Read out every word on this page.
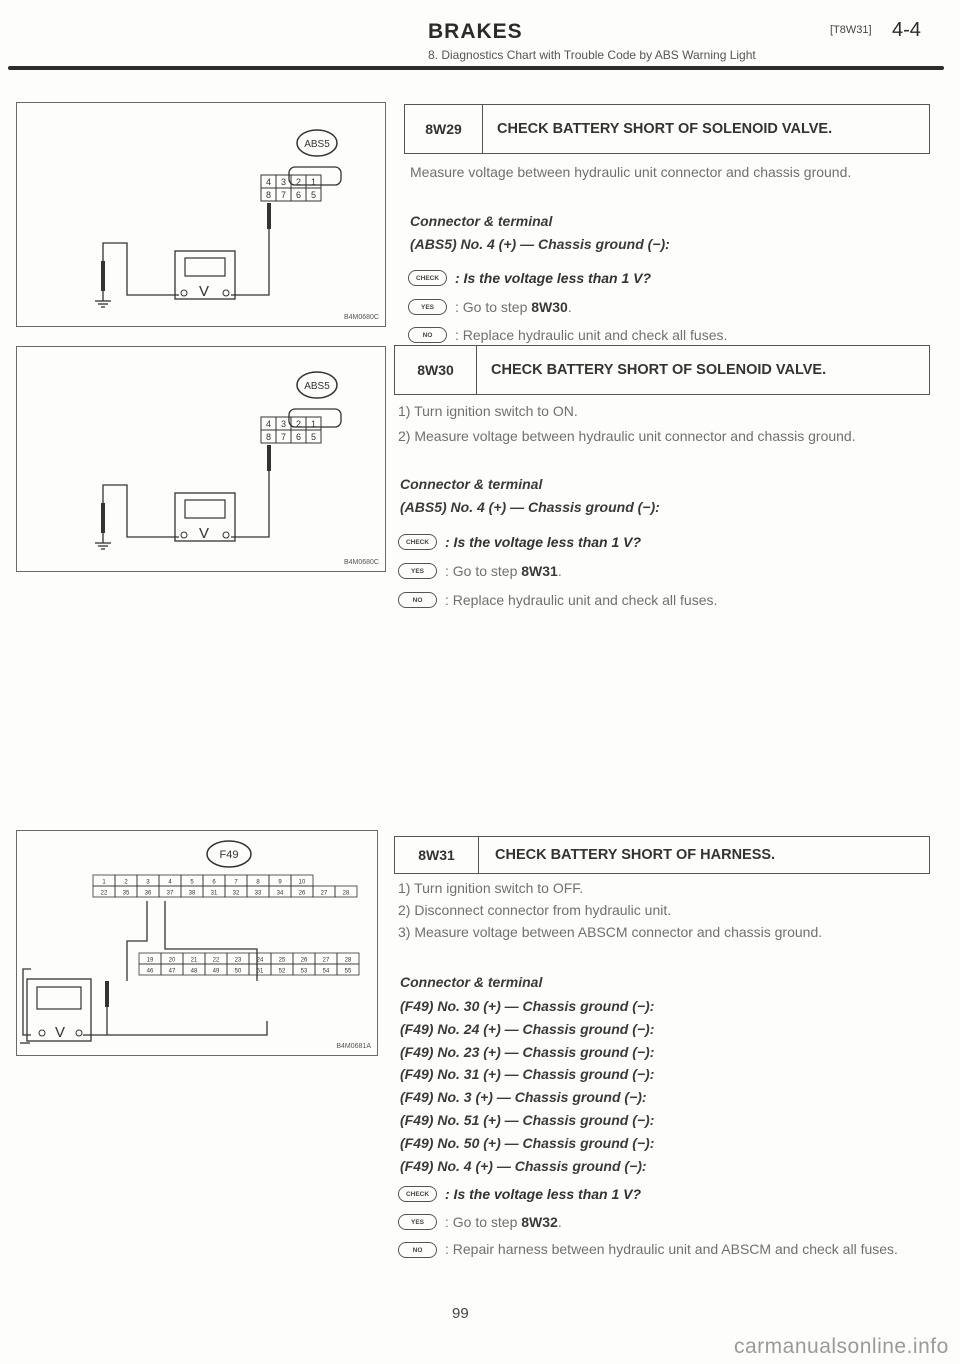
BRAKES	[T8W31] 4-4
8. Diagnostics Chart with Trouble Code by ABS Warning Light
ABS5
4 3 2 1
8 7 6 5
V
B4M0680C
ABS5
4 3 2 1
8 7 6 5
V
B4M0680C
F49
1	2	3	4	5	6	7	8	9	10
22	35	36	37	38	31	32	33	34	26	27	28
19	20	21	22	23	24	25	26	27	28
46	47	48	49	50	51	52	53	54	55
V
B4M0681A
8W29	CHECK BATTERY SHORT OF SOLENOID VALVE.
Measure voltage between hydraulic unit connector and chassis ground.
Connector & terminal
(ABS5) No. 4 (+) — Chassis ground (−):
CHECK	: Is the voltage less than 1 V?
YES	: Go to step 8W30.
NO	: Replace hydraulic unit and check all fuses.
8W30	CHECK BATTERY SHORT OF SOLENOID VALVE.
1) Turn ignition switch to ON.
2) Measure voltage between hydraulic unit connector and chassis ground.
Connector & terminal
(ABS5) No. 4 (+) — Chassis ground (−):
CHECK	: Is the voltage less than 1 V?
YES	: Go to step 8W31.
NO	: Replace hydraulic unit and check all fuses.
8W31	CHECK BATTERY SHORT OF HARNESS.
1) Turn ignition switch to OFF.
2) Disconnect connector from hydraulic unit.
3) Measure voltage between ABSCM connector and chassis ground.
Connector & terminal
(F49) No. 30 (+) — Chassis ground (−):
(F49) No. 24 (+) — Chassis ground (−):
(F49) No. 23 (+) — Chassis ground (−):
(F49) No. 31 (+) — Chassis ground (−):
(F49) No. 3 (+) — Chassis ground (−):
(F49) No. 51 (+) — Chassis ground (−):
(F49) No. 50 (+) — Chassis ground (−):
(F49) No. 4 (+) — Chassis ground (−):
CHECK	: Is the voltage less than 1 V?
YES	: Go to step 8W32.
NO	: Repair harness between hydraulic unit and ABSCM and check all fuses.
99
carmanualsonline.info
